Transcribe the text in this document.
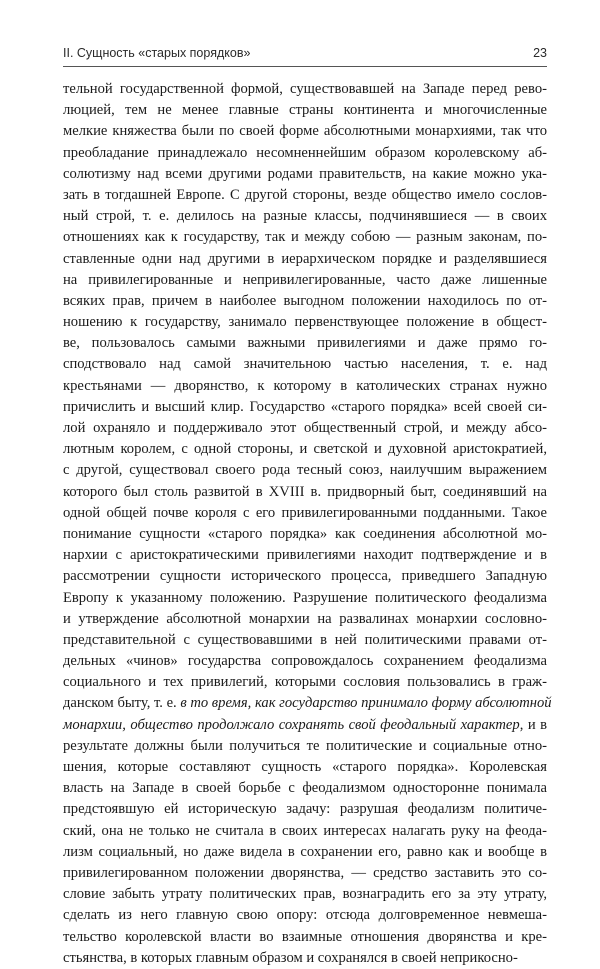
II. Сущность «старых порядков»	23
тельной государственной формой, существовавшей на Западе перед рево-
люцией, тем не менее главные страны континента и многочисленные
мелкие княжества были по своей форме абсолютными монархиями, так что
преобладание принадлежало несомненнейшим образом королевскому аб-
солютизму над всеми другими родами правительств, на какие можно ука-
зать в тогдашней Европе. С другой стороны, везде общество имело сослов-
ный строй, т. е. делилось на разные классы, подчинявшиеся — в своих
отношениях как к государству, так и между собою — разным законам, по-
ставленные одни над другими в иерархическом порядке и разделявшиеся
на привилегированные и непривилегированные, часто даже лишенные
всяких прав, причем в наиболее выгодном положении находилось по от-
ношению к государству, занимало первенствующее положение в общест-
ве, пользовалось самыми важными привилегиями и даже прямо го-
сподствовало над самой значительною частью населения, т. е. над
крестьянами — дворянство, к которому в католических странах нужно
причислить и высший клир. Государство «старого порядка» всей своей си-
лой охраняло и поддерживало этот общественный строй, и между абсо-
лютным королем, с одной стороны, и светской и духовной аристократией,
с другой, существовал своего рода тесный союз, наилучшим выражением
которого был столь развитой в XVIII в. придворный быт, соединявший на
одной общей почве короля с его привилегированными подданными. Такое
понимание сущности «старого порядка» как соединения абсолютной мо-
нархии с аристократическими привилегиями находит подтверждение и в
рассмотрении сущности исторического процесса, приведшего Западную
Европу к указанному положению. Разрушение политического феодализма
и утверждение абсолютной монархии на развалинах монархии сословно-
представительной с существовавшими в ней политическими правами от-
дельных «чинов» государства сопровождалось сохранением феодализма
социального и тех привилегий, которыми сословия пользовались в граж-
данском быту, т. е. в то время, как государство принимало форму абсолютной
монархии, общество продолжало сохранять свой феодальный характер, и в
результате должны были получиться те политические и социальные отно-
шения, которые составляют сущность «старого порядка». Королевская
власть на Западе в своей борьбе с феодализмом односторонне понимала
предстоявшую ей историческую задачу: разрушая феодализм политиче-
ский, она не только не считала в своих интересах налагать руку на феода-
лизм социальный, но даже видела в сохранении его, равно как и вообще в
привилегированном положении дворянства, — средство заставить это со-
словие забыть утрату политических прав, вознаградить его за эту утрату,
сделать из него главную свою опору: отсюда долговременное невмеша-
тельство королевской власти во взаимные отношения дворянства и кре-
стьянства, в которых главным образом и сохранялся в своей неприкосно-
